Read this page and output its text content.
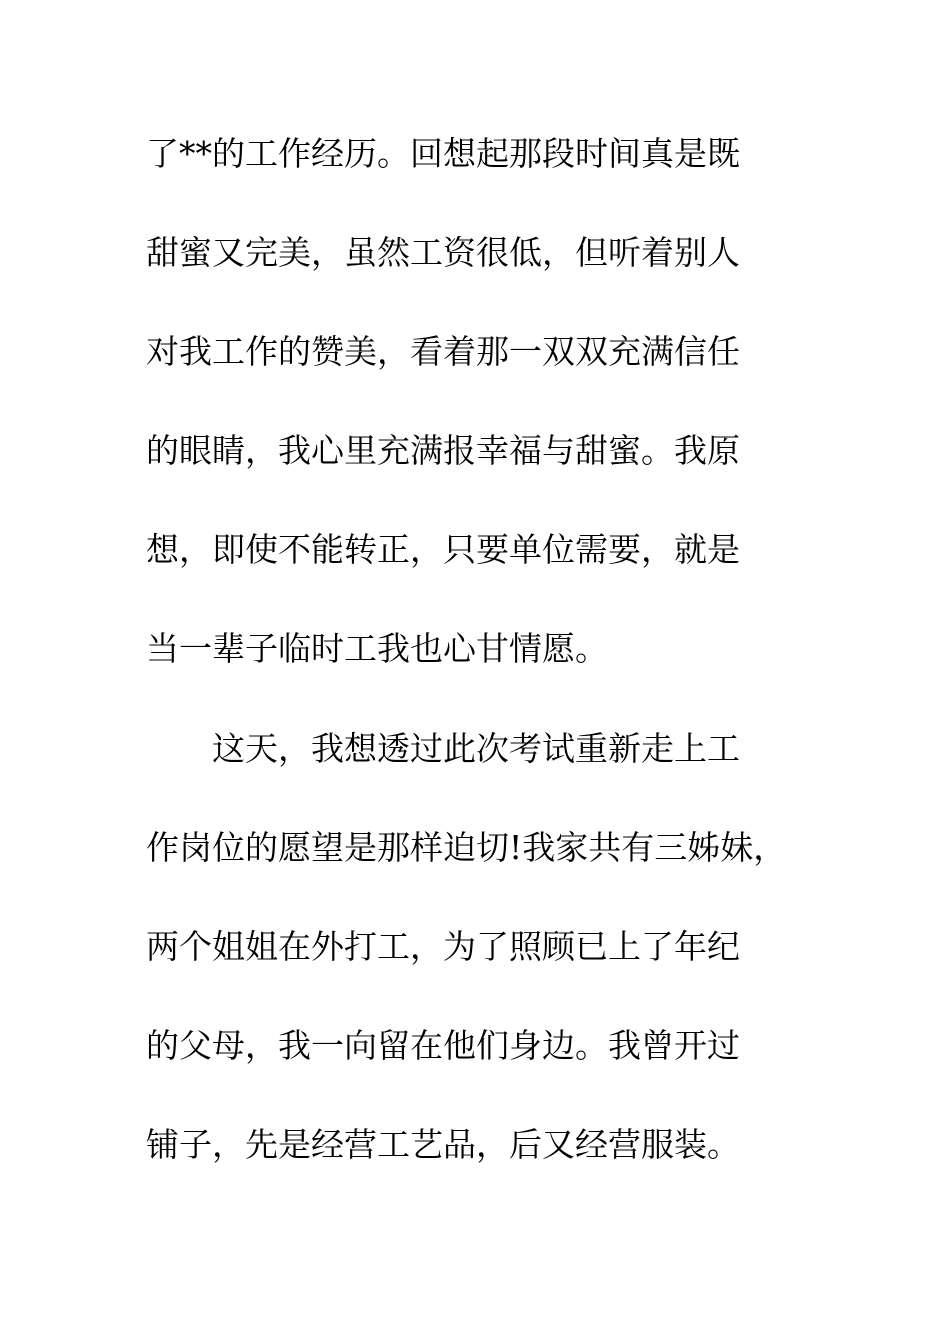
了**的工作经历。回想起那段时间真是既
甜蜜又完美，虽然工资很低，但听着别人
对我工作的赞美，看着那一双双充满信任
的眼睛，我心里充满报幸福与甜蜜。我原
想，即使不能转正，只要单位需要，就是
当一辈子临时工我也心甘情愿。
这天，我想透过此次考试重新走上工
作岗位的愿望是那样迫切!我家共有三姊妹，
两个姐姐在外打工，为了照顾已上了年纪
的父母，我一向留在他们身边。我曾开过
铺子，先是经营工艺品，后又经营服装。
